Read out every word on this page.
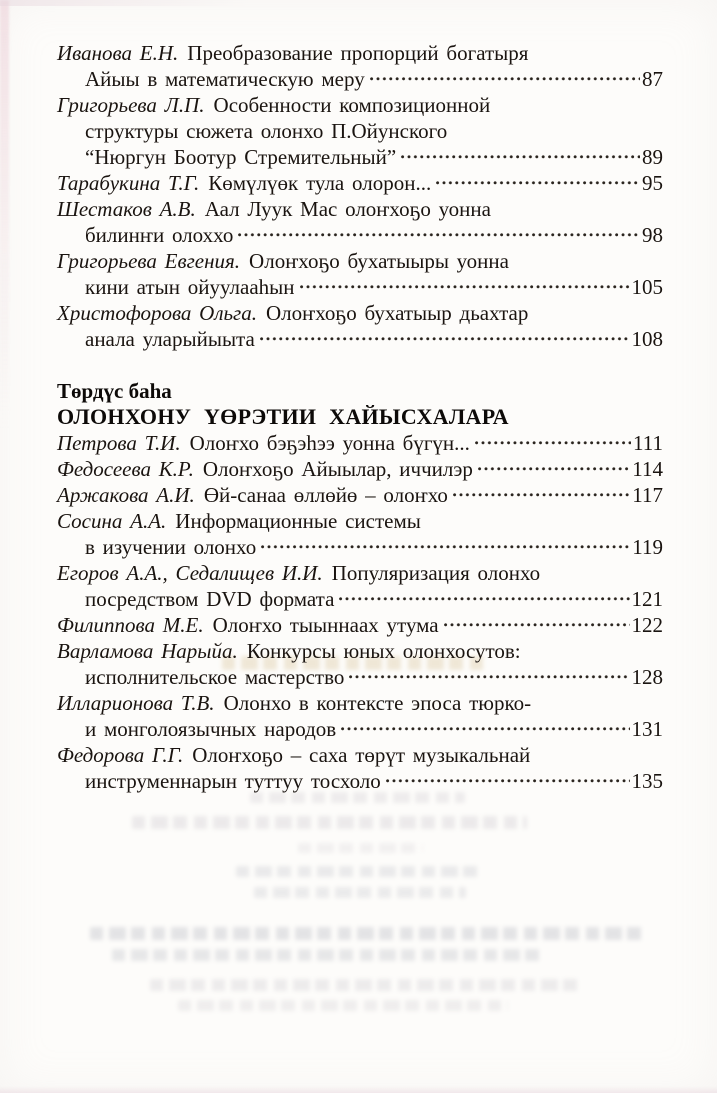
Иванова Е.Н. Преобразование пропорций богатыря
Айыы в математическую меру	87
Григорьева Л.П. Особенности композиционной
структуры сюжета олонхо П.Ойунского
“Нюргун Боотур Стремительный”	89
Тарабукина Т.Г. Көмүлүөк тула олорон...	95
Шестаков А.В. Аал Луук Мас олоҥхоҕо уонна
билинҥи олоххо	98
Григорьева Евгения. Олоҥхоҕо бухатыыры уонна
кини атын ойуулааһын	105
Христофорова Ольга. Олоҥхоҕо бухатыыр дьахтар
анала уларыйыыта	108
Төрдүс баһа
ОЛОНХОНУ ҮӨРЭТИИ ХАЙЫСХАЛАРА
Петрова Т.И. Олоҥхо бэҕэһээ уонна бүгүн...	111
Федосеева К.Р. Олоҥхоҕо Айыылар, иччилэр	114
Аржакова А.И. Өй-санаа өллөйө – олоҥхо	117
Сосина А.А. Информационные системы
в изучении олонхо	119
Егоров А.А., Седалищев И.И. Популяризация олонхо
посредством DVD формата	121
Филиппова М.Е. Олоҥхо тыыннаах утума	122
Варламова Нарыйа. Конкурсы юных олонхосутов:
исполнительское мастерство	128
Илларионова Т.В. Олонхо в контексте эпоса тюрко-
и монголоязычных народов	131
Федорова Г.Г. Олоҥхоҕо – саха төрүт музыкальнай
инструменнарын туттуу тосхоло	135
